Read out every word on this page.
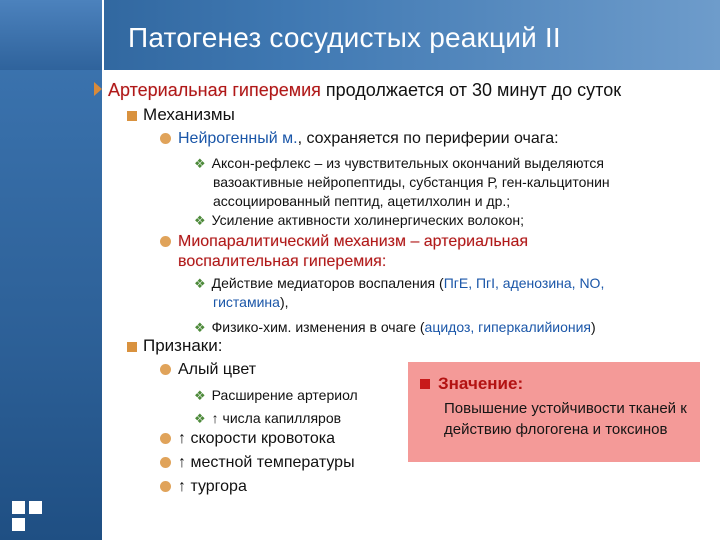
Патогенез сосудистых реакций II
Артериальная гиперемия продолжается от 30 минут до суток
Механизмы
Нейрогенный м., сохраняется по периферии очага:
❖ Аксон-рефлекс – из чувствительных окончаний выделяются
вазоактивные нейропептиды, субстанция Р, ген-кальцитонин
ассоциированный пептид, ацетилхолин и др.;
❖ Усиление активности холинергических волокон;
Миопаралитический механизм – артериальная
воспалительная гиперемия:
❖ Действие медиаторов воспаления (ПгЕ, ПгI, аденозина, NO,
гистамина),
❖ Физико-хим. изменения в очаге (ацидоз, гиперкалийиония)
Признаки:
Алый цвет
❖ Расширение артериол
❖ ↑ числа капилляров
↑ скорости кровотока
↑ местной температуры
↑ тургора
Значение:
Повышение устойчивости тканей к действию флогогена и токсинов
фев-18	Copyright L. Gerasimova	Стр. 6
